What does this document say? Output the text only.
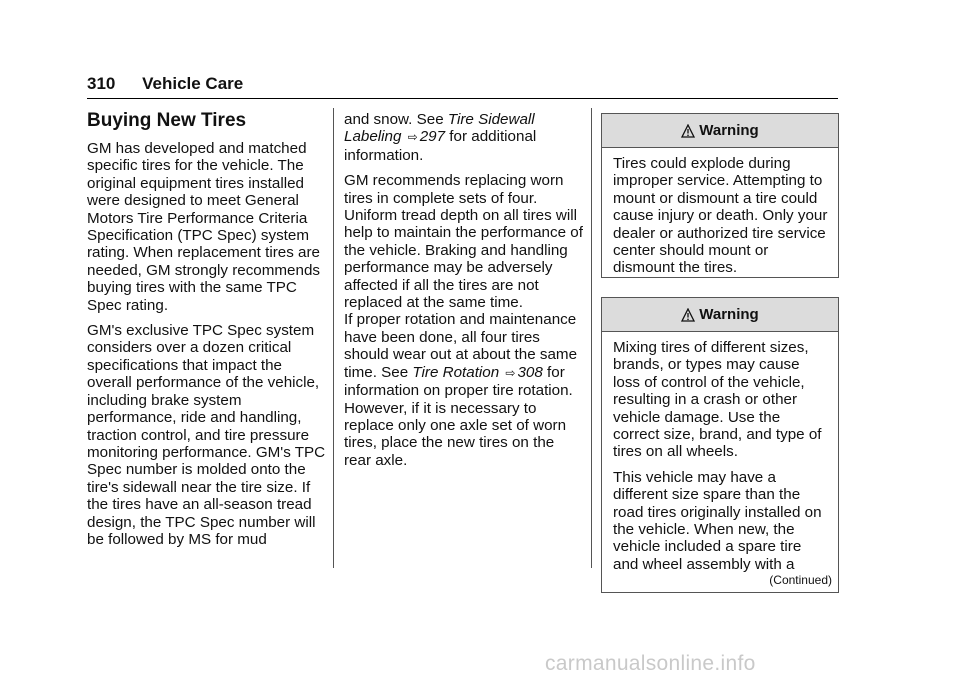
310 Vehicle Care
Buying New Tires

GM has developed and matched specific tires for the vehicle. The original equipment tires installed were designed to meet General Motors Tire Performance Criteria Specification (TPC Spec) system rating. When replacement tires are needed, GM strongly recommends buying tires with the same TPC Spec rating.

GM's exclusive TPC Spec system considers over a dozen critical specifications that impact the overall performance of the vehicle, including brake system performance, ride and handling, traction control, and tire pressure monitoring performance. GM's TPC Spec number is molded onto the tire's sidewall near the tire size. If the tires have an all-season tread design, the TPC Spec number will be followed by MS for mud

and snow. See Tire Sidewall Labeling ⇨ 297 for additional information.

GM recommends replacing worn tires in complete sets of four. Uniform tread depth on all tires will help to maintain the performance of the vehicle. Braking and handling performance may be adversely affected if all the tires are not replaced at the same time.

If proper rotation and maintenance have been done, all four tires should wear out at about the same time. See Tire Rotation ⇨ 308 for information on proper tire rotation. However, if it is necessary to replace only one axle set of worn tires, place the new tires on the rear axle.

Warning

Tires could explode during improper service. Attempting to mount or dismount a tire could cause injury or death. Only your dealer or authorized tire service center should mount or dismount the tires.

Warning

Mixing tires of different sizes, brands, or types may cause loss of control of the vehicle, resulting in a crash or other vehicle damage. Use the correct size, brand, and type of tires on all wheels.

This vehicle may have a different size spare than the road tires originally installed on the vehicle. When new, the vehicle included a spare tire and wheel assembly with a

(Continued)
carmanualsonline.info
